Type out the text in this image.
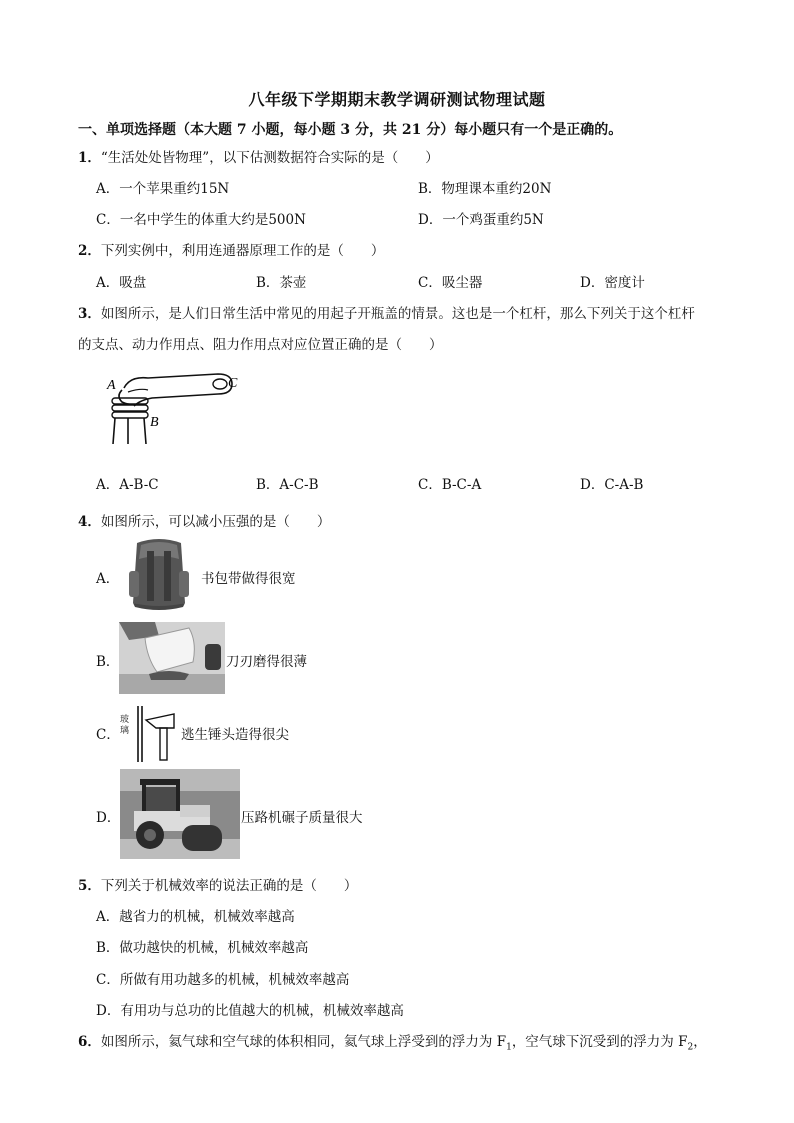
八年级下学期期末教学调研测试物理试题
一、单项选择题（本大题 7 小题，每小题 3 分，共 21 分）每小题只有一个是正确的。
1．“生活处处皆物理”，以下估测数据符合实际的是（　　）
A．一个苹果重约15N	B．物理课本重约20N
C．一名中学生的体重大约是500N	D．一个鸡蛋重约5N
2．下列实例中，利用连通器原理工作的是（　　）
A．吸盘	B．茶壶	C．吸尘器	D．密度计
3．如图所示，是人们日常生活中常见的用起子开瓶盖的情景。这也是一个杠杆，那么下列关于这个杠杆
的支点、动力作用点、阻力作用点对应位置正确的是（　　）
A	C
B
A．A-B-C	B．A-C-B	C．B-C-A	D．C-A-B
4．如图所示，可以减小压强的是（　　）
A．	书包带做得很宽
B．	刀刃磨得很薄
C．
玻璃	逃生锤头造得很尖
D．	压路机碾子质量很大
5．下列关于机械效率的说法正确的是（　　）
A．越省力的机械，机械效率越高
B．做功越快的机械，机械效率越高
C．所做有用功越多的机械，机械效率越高
D．有用功与总功的比值越大的机械，机械效率越高
6．如图所示，氦气球和空气球的体积相同，氦气球上浮受到的浮力为 $F_1$，空气球下沉受到的浮力为 $F_2$，
